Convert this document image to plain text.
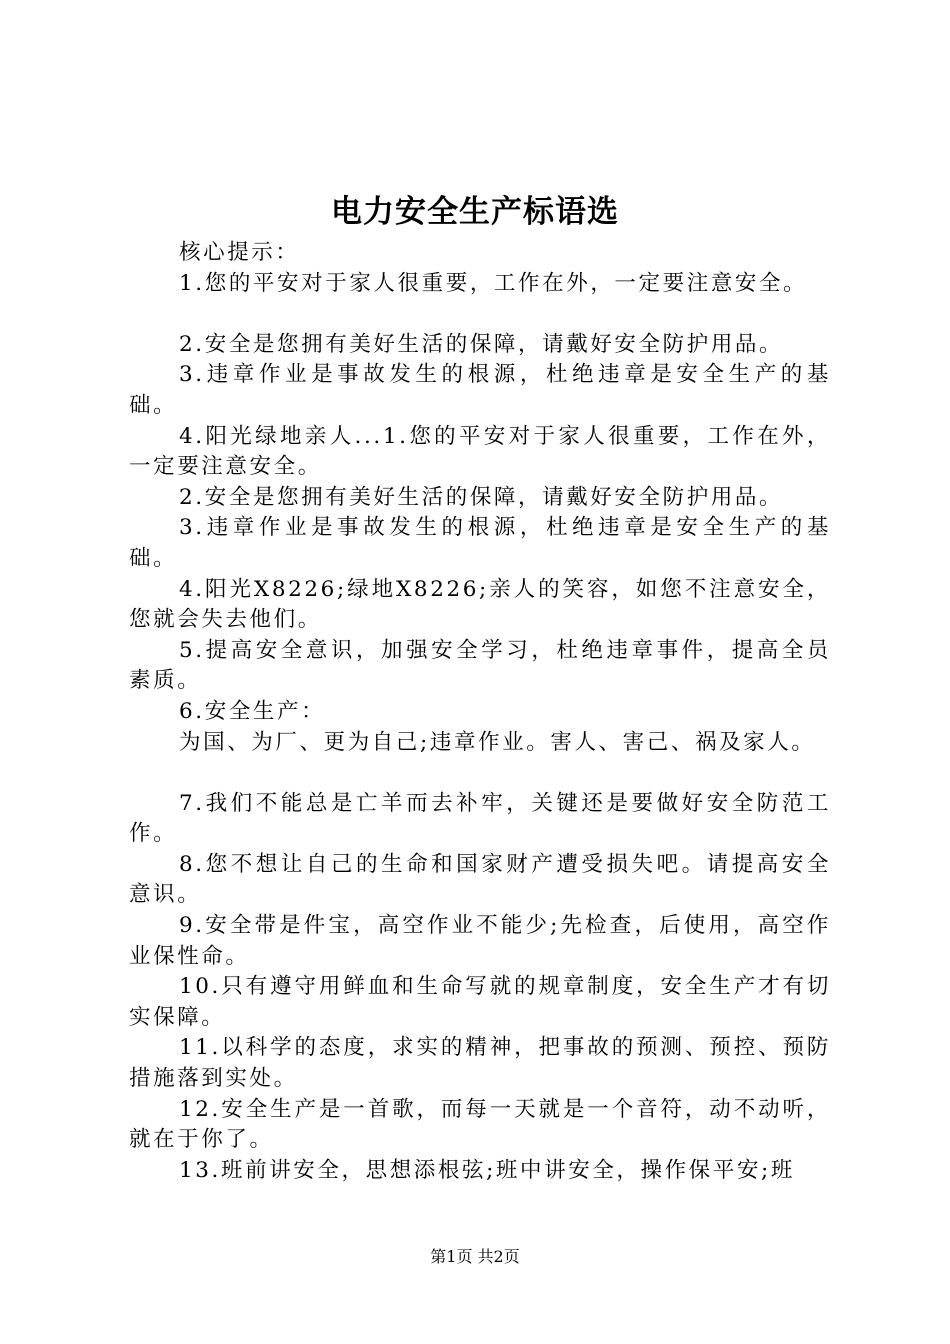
电力安全生产标语选

核心提示：

1.您的平安对于家人很重要，工作在外，一定要注意安全。

2.安全是您拥有美好生活的保障，请戴好安全防护用品。

3.违章作业是事故发生的根源，杜绝违章是安全生产的基础。

4.阳光绿地亲人...1.您的平安对于家人很重要，工作在外，一定要注意安全。

2.安全是您拥有美好生活的保障，请戴好安全防护用品。

3.违章作业是事故发生的根源，杜绝违章是安全生产的基础。

4.阳光X8226;绿地X8226;亲人的笑容，如您不注意安全，您就会失去他们。

5.提高安全意识，加强安全学习，杜绝违章事件，提高全员素质。

6.安全生产：

为国、为厂、更为自己;违章作业。害人、害己、祸及家人。

7.我们不能总是亡羊而去补牢，关键还是要做好安全防范工作。

8.您不想让自己的生命和国家财产遭受损失吧。请提高安全意识。

9.安全带是件宝，高空作业不能少;先检查，后使用，高空作业保性命。

10.只有遵守用鲜血和生命写就的规章制度，安全生产才有切实保障。

11.以科学的态度，求实的精神，把事故的预测、预控、预防措施落到实处。

12.安全生产是一首歌，而每一天就是一个音符，动不动听，就在于你了。

13.班前讲安全，思想添根弦;班中讲安全，操作保平安;班

第1页 共2页
